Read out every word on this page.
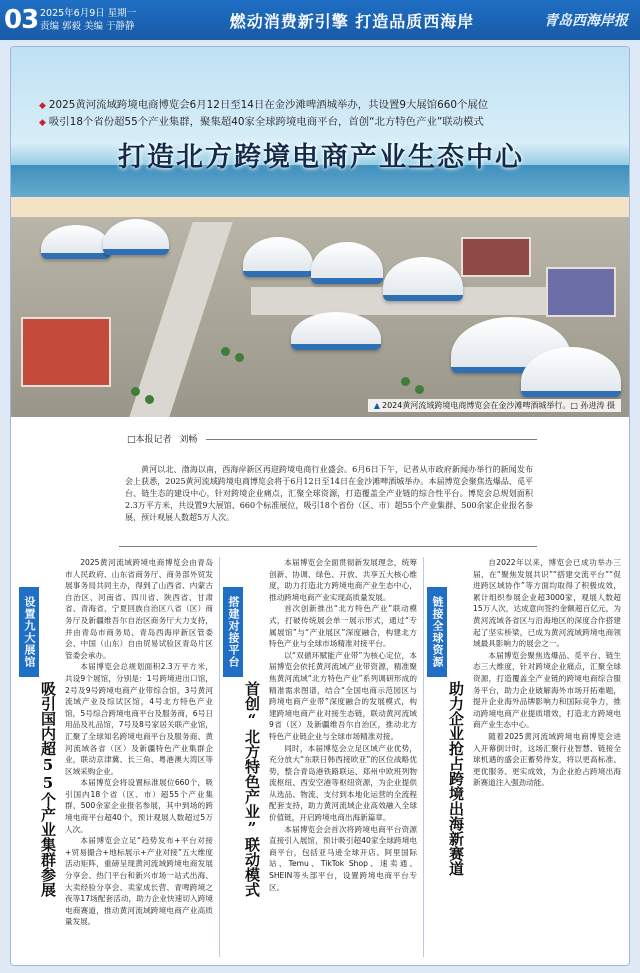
03 2025年6月9日 星期一
责编 郭毅 美编 于静静	燃动消费新引擎 打造品质西海岸	青岛西海岸报
◆ 2025黄河流域跨境电商博览会6月12日至14日在金沙滩啤酒城举办，共设置9大展馆660个展位
◆ 吸引18个省份超55个产业集群，聚集超40家全球跨境电商平台，首创“北方特色产业”联动模式
打造北方跨境电商产业生态中心
▲ 2024黄河流域跨境电商博览会在金沙滩啤酒城举行。□ 孙进涛 摄
□本报记者 刘畅
黄河以北、渤海以南，西海岸新区再迎跨境电商行业盛会。6月6日下午，记者从市政府新闻办举行的新闻发布会上获悉，2025黄河流域跨境电商博览会将于6月12日至14日在金沙滩啤酒城举办。本届博览会聚焦选爆品、觅平台、链生态的建设中心，针对跨境企业痛点，汇聚全球资源，打造覆盖全产业链的综合性平台。博览会总规划面积2.3万平方米，共设置9大展馆、660个标准展位，吸引18个省份（区、市）超55个产业集群、500余家企业报名参展，预计观展人数超5万人次。
设置九大展馆
吸引国内超55个产业集群参展

2025黄河流域跨境电商博览会由青岛市人民政府、山东省商务厅、商务部外贸发展事务局共同主办，得到了山西省、内蒙古自治区、河南省、四川省、陕西省、甘肃省、青海省、宁夏回族自治区八省（区）商务厅及新疆维吾尔自治区商务厅大力支持，并由青岛市商务局、青岛西海岸新区管委会、中国（山东）自由贸易试验区青岛片区管委会承办。

本届博览会总规划面积2.3万平方米，共设9个展馆，分别是：1号跨境进出口馆，2号及9号跨境电商产业带综合馆，3号黄河流域产业及综试区馆，4号北方特色产业馆，5号综合跨境电商平台及服务商，6号日用品及礼品馆，7号及8号家居关联产业馆，汇聚了全球知名跨境电商平台及服务商、黄河流域各省（区）及新疆特色产业集群企业，联动京津冀、长三角、粤港澳大湾区等区域采购企业。

本届博览会将设置标准展位660个，吸引国内18个省（区、市）超55个产业集群，500余家企业报名参展，其中到场的跨境电商平台超40个，预计观展人数超过5万人次。

本届博览会立足“趋势发布+平台对接+贸易撮合+地标展示+产业对接”五大维度活动矩阵，重磅呈现黄河流域跨境电商发展分享会、热门平台和新兴市场一站式出海、大卖经验分享会、卖家成长营、青啤跨境之夜等17场配套活动，助力企业快速切入跨境电商赛道，推动黄河流域跨境电商产业高质量发展。

搭建对接平台
首创“北方特色产业”联动模式

本届博览会全面贯彻新发展理念，统筹创新、协调、绿色、开放、共享五大核心维度，助力打造北方跨境电商产业生态中心，推动跨境电商产业实现高质量发展。

首次创新推出“北方特色产业”联动模式，打破传统展会单一展示形式，通过“专属展馆”与“产业展区”深度融合，构建北方特色产业与全球市场精准对接平台。

以“双循环赋能产业带”为核心定位，本届博览会依托黄河流域产业带资源，精准聚焦黄河流域“北方特色产业”系列调研形成的精准需求图谱，结合“全国电商示范园区与跨境电商产业带”深度融合的发展模式，构建跨境电商产业对接生态链，联动黄河流域9省（区）及新疆维吾尔自治区，推动北方特色产业链企业与全球市场精准对接。

同时，本届博览会立足区域产业优势，充分放大“东联日韩西接欧亚”的区位战略优势，整合青岛港铁路联运、郑州中欧班列物流枢纽、西安空港等枢纽资源，为企业提供从选品、物流、支付到本地化运营的全流程配套支持，助力黄河流域企业高效融入全球价值链，开启跨境电商出海新篇章。

本届博览会会首次将跨境电商平台资源直接引入展馆，预计吸引超40家全球跨境电商平台，包括亚马逊全球开店、阿里国际站、Temu、TikTok Shop、速卖通、SHEIN等头部平台，设置跨境电商平台专区。

链接全球资源
助力企业抢占跨境出海新赛道

自2022年以来，博览会已成功举办三届，在“聚焦发展共识”“搭建交流平台”“促进跨区域协作”等方面均取得了积极成效，累计组织参展企业超3000家，观展人数超15万人次，达成意向签约金额超百亿元，为黄河流域各省区与沿海地区的深度合作搭建起了坚实桥梁，已成为黄河流域跨境电商领域最具影响力的展会之一。

本届博览会聚焦选爆品、觅平台、链生态三大维度，针对跨境企业痛点，汇聚全球资源，打造覆盖全产业链的跨境电商综合服务平台，助力企业破解海外市场开拓难题，提升企业海外品牌影响力和国际竞争力，推动跨境电商产业提质增效，打造北方跨境电商产业生态中心。

随着2025黄河流域跨境电商博览会进入开幕倒计时，这场汇聚行业智慧、链接全球机遇的盛会正蓄势待发，将以更高标准、更优服务、更实成效，为企业抢占跨境出海新赛道注入强劲动能。
